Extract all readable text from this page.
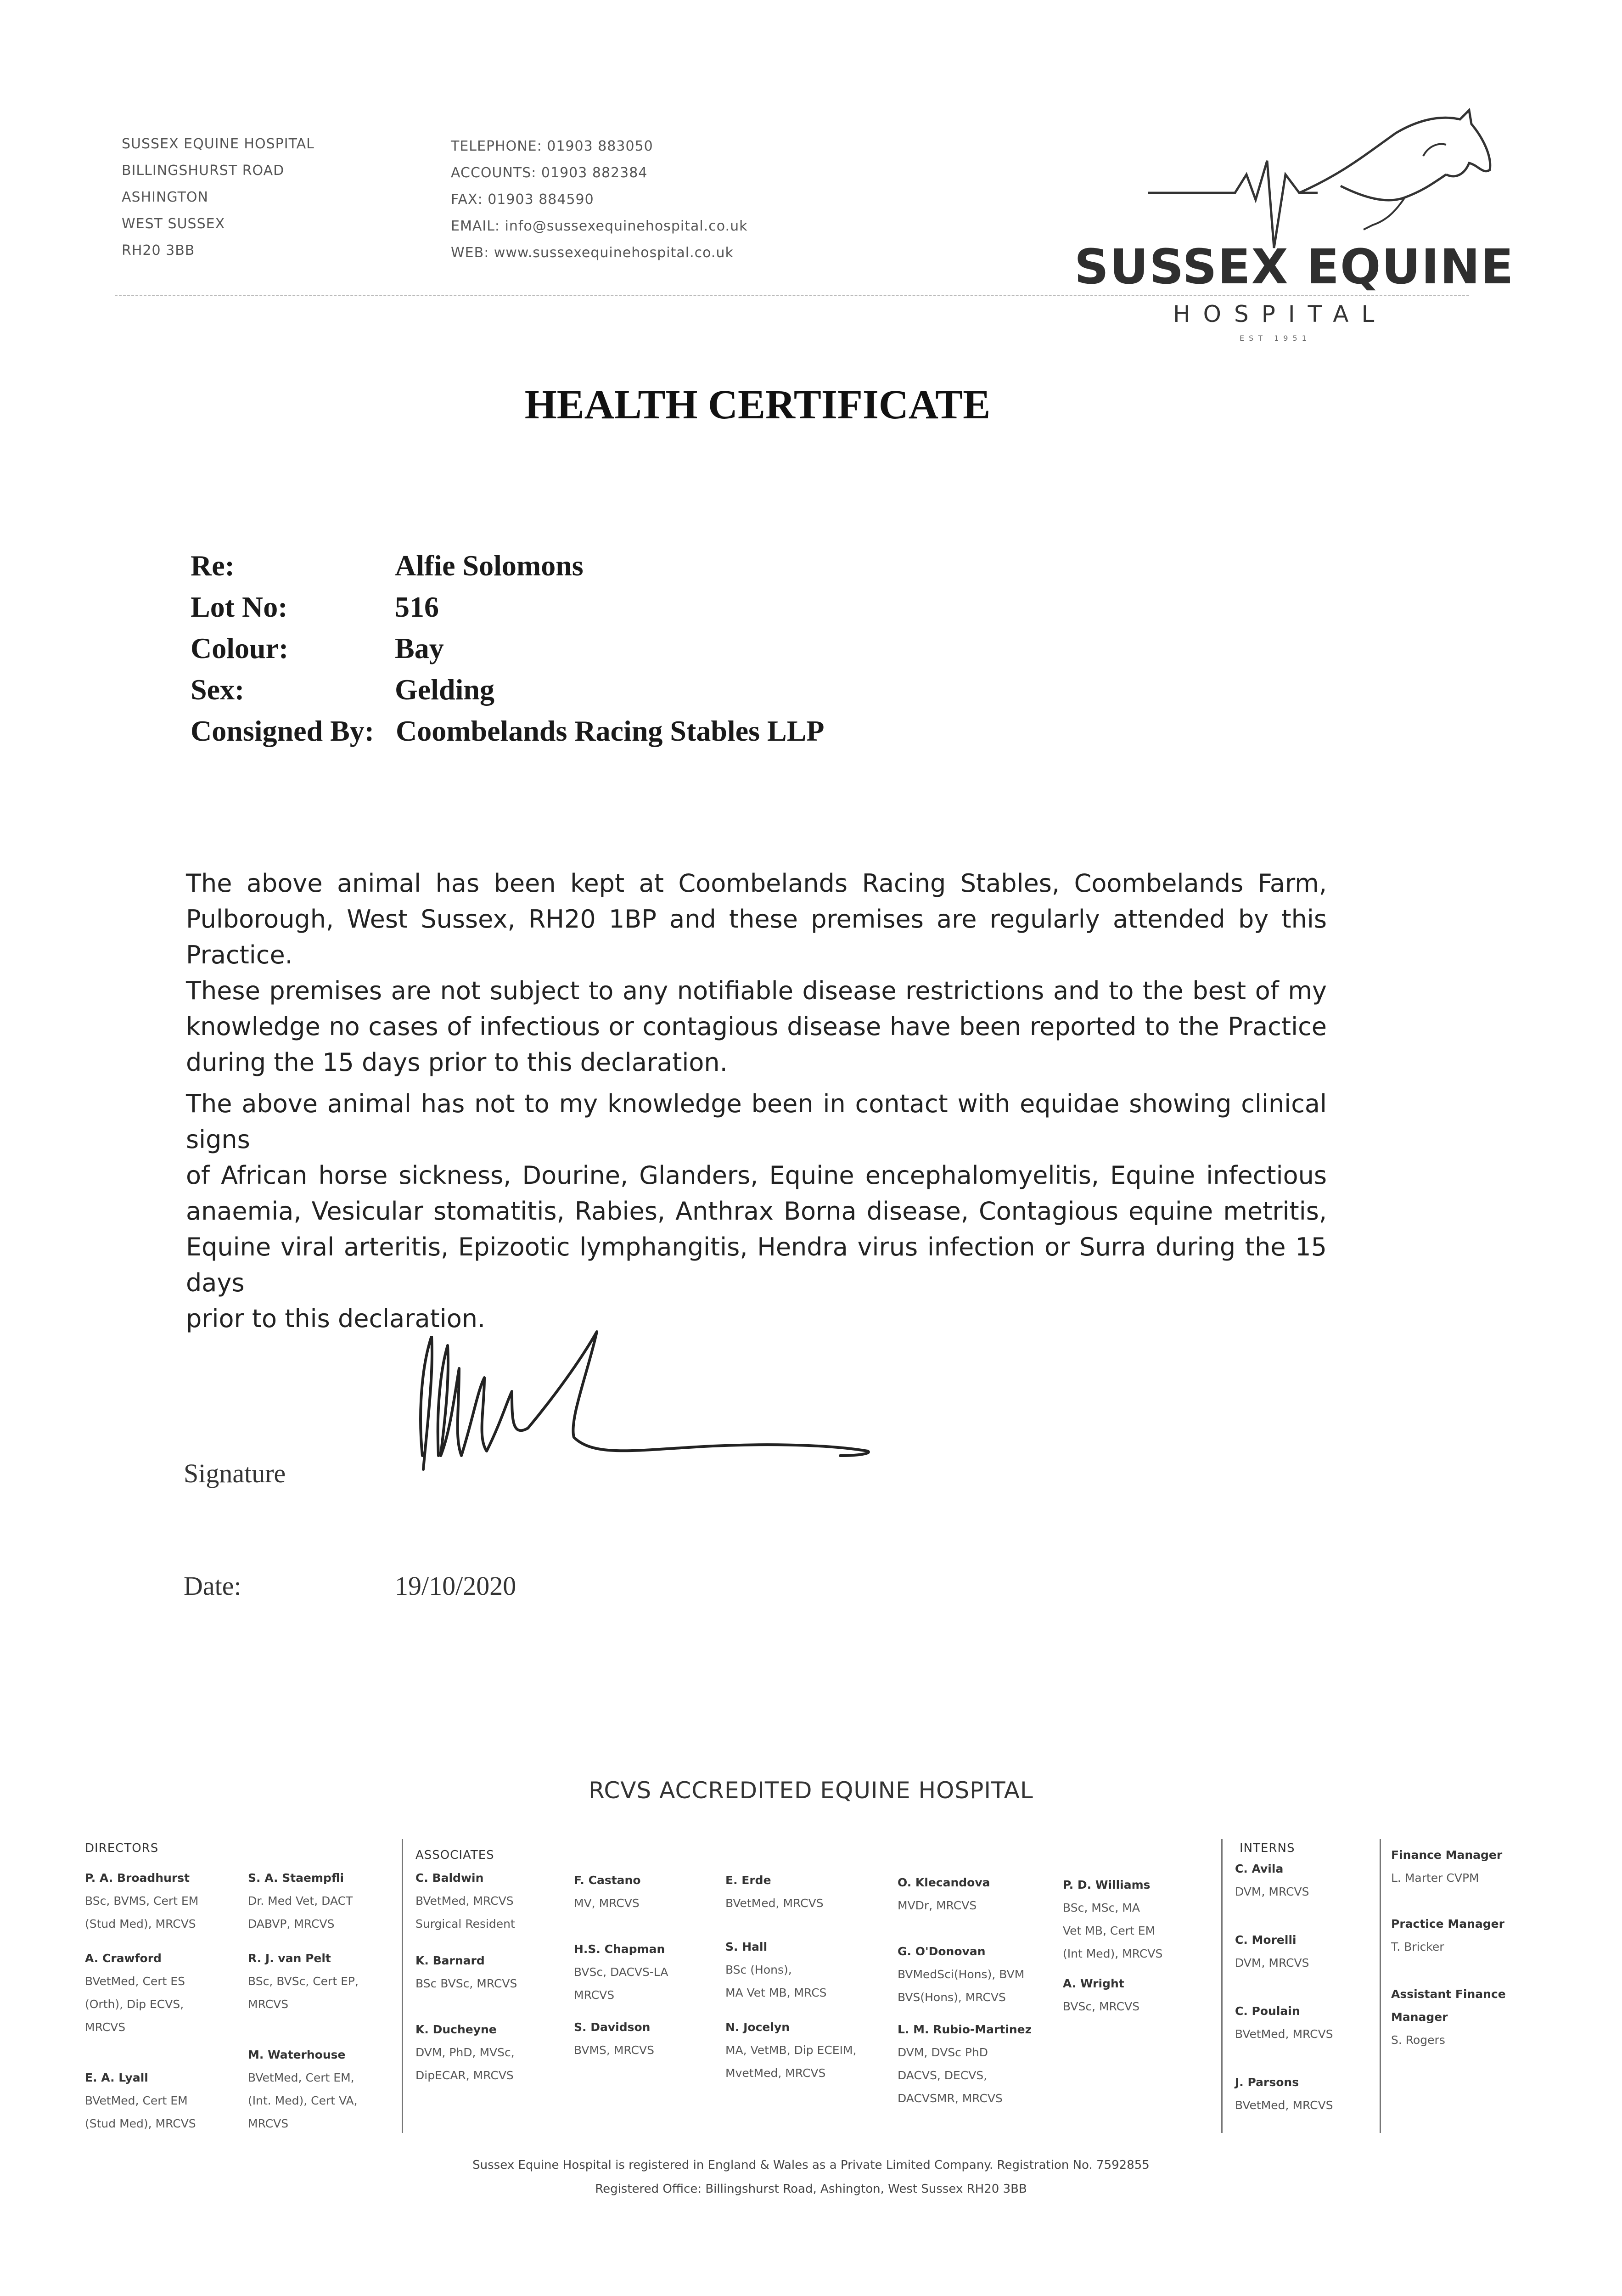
SUSSEX EQUINE HOSPITAL
BILLINGSHURST ROAD
ASHINGTON
WEST SUSSEX
RH20 3BB
TELEPHONE: 01903 883050
ACCOUNTS: 01903 882384
FAX: 01903 884590
EMAIL: info@sussexequinehospital.co.uk
WEB: www.sussexequinehospital.co.uk	SUSSEX EQUINE
HOSPITAL
EST 1951
HEALTH CERTIFICATE
Re:	Alfie Solomons
Lot No:	516
Colour:	Bay
Sex:	Gelding
Consigned By: Coombelands Racing Stables LLP
The above animal has been kept at Coombelands Racing Stables, Coombelands Farm,
Pulborough, West Sussex, RH20 1BP and these premises are regularly attended by this Practice.
These premises are not subject to any notifiable disease restrictions and to the best of my
knowledge no cases of infectious or contagious disease have been reported to the Practice
during the 15 days prior to this declaration.
The above animal has not to my knowledge been in contact with equidae showing clinical signs
of African horse sickness, Dourine, Glanders, Equine encephalomyelitis, Equine infectious
anaemia, Vesicular stomatitis, Rabies, Anthrax Borna disease, Contagious equine metritis,
Equine viral arteritis, Epizootic lymphangitis, Hendra virus infection or Surra during the 15 days
prior to this declaration.
Signature
Date:	19/10/2020
RCVS ACCREDITED EQUINE HOSPITAL
DIRECTORS
P. A. Broadhurst
BSc, BVMS, Cert EM
(Stud Med), MRCVS
A. Crawford
BVetMed, Cert ES
(Orth), Dip ECVS,
MRCVS
E. A. Lyall
BVetMed, Cert EM
(Stud Med), MRCVS
S. A. Staempfli
Dr. Med Vet, DACT
DABVP, MRCVS
R. J. van Pelt
BSc, BVSc, Cert EP,
MRCVS
M. Waterhouse
BVetMed, Cert EM,
(Int. Med), Cert VA,
MRCVS
ASSOCIATES
C. Baldwin
BVetMed, MRCVS
Surgical Resident
K. Barnard
BSc BVSc, MRCVS
K. Ducheyne
DVM, PhD, MVSc,
DipECAR, MRCVS
F. Castano
MV, MRCVS
H.S. Chapman
BVSc, DACVS-LA
MRCVS
S. Davidson
BVMS, MRCVS
E. Erde
BVetMed, MRCVS
S. Hall
BSc (Hons),
MA Vet MB, MRCS
N. Jocelyn
MA, VetMB, Dip ECEIM,
MvetMed, MRCVS
O. Klecandova
MVDr, MRCVS
G. O'Donovan
BVMedSci(Hons), BVM
BVS(Hons), MRCVS
L. M. Rubio-Martinez
DVM, DVSc PhD
DACVS, DECVS,
DACVSMR, MRCVS
P. D. Williams
BSc, MSc, MA
Vet MB, Cert EM
(Int Med), MRCVS
A. Wright
BVSc, MRCVS
INTERNS
C. Avila
DVM, MRCVS
C. Morelli
DVM, MRCVS
C. Poulain
BVetMed, MRCVS
J. Parsons
BVetMed, MRCVS
Finance Manager
L. Marter CVPM
Practice Manager
T. Bricker
Assistant Finance
Manager
S. Rogers
Sussex Equine Hospital is registered in England & Wales as a Private Limited Company. Registration No. 7592855
Registered Office: Billingshurst Road, Ashington, West Sussex RH20 3BB
